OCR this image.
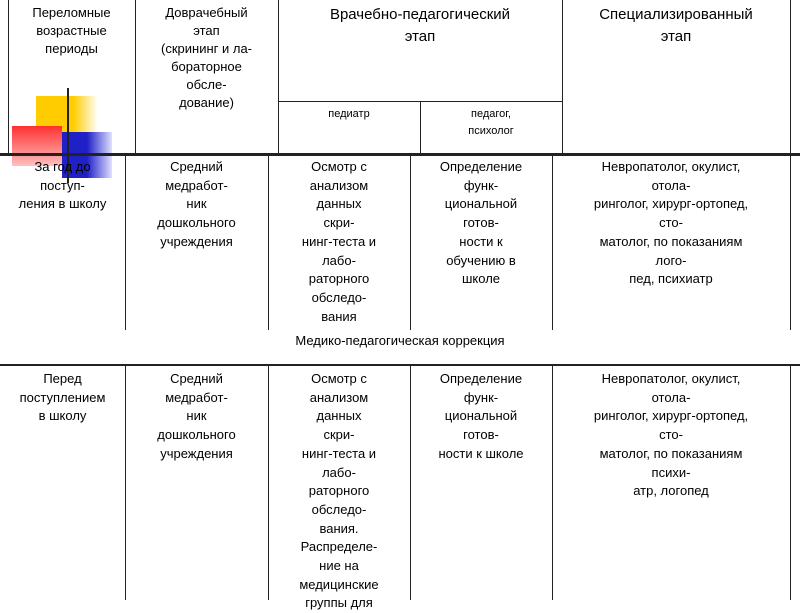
Переломные
возрастные
периоды
Доврачебный
этап
(скрининг и ла-
бораторное
обсле-
дование)
Врачебно-педагогический
этап
педиатр	педагог,
психолог
Специализированный
этап
За год до
поступ-
ления в школу
Средний
медработ-
ник
дошкольного
учреждения
Осмотр с
анализом
данных
скри-
нинг-теста и
лабо-
раторного
обследо-
вания
Определение
функ-
циональной
готов-
ности к
обучению в
школе
Невропатолог, окулист,
отола-
ринголог, хирург-ортопед,
сто-
матолог, по показаниям
лого-
пед, психиатр
Медико-педагогическая коррекция
Перед
поступлением
в школу
Средний
медработ-
ник
дошкольного
учреждения
Осмотр с
анализом
данных
скри-
нинг-теста и
лабо-
раторного
обследо-
вания.
Распределе-
ние на
медицинские
группы для
Определение
функ-
циональной
готов-
ности к школе
Невропатолог, окулист,
отола-
ринголог, хирург-ортопед,
сто-
матолог, по показаниям
психи-
атр, логопед
